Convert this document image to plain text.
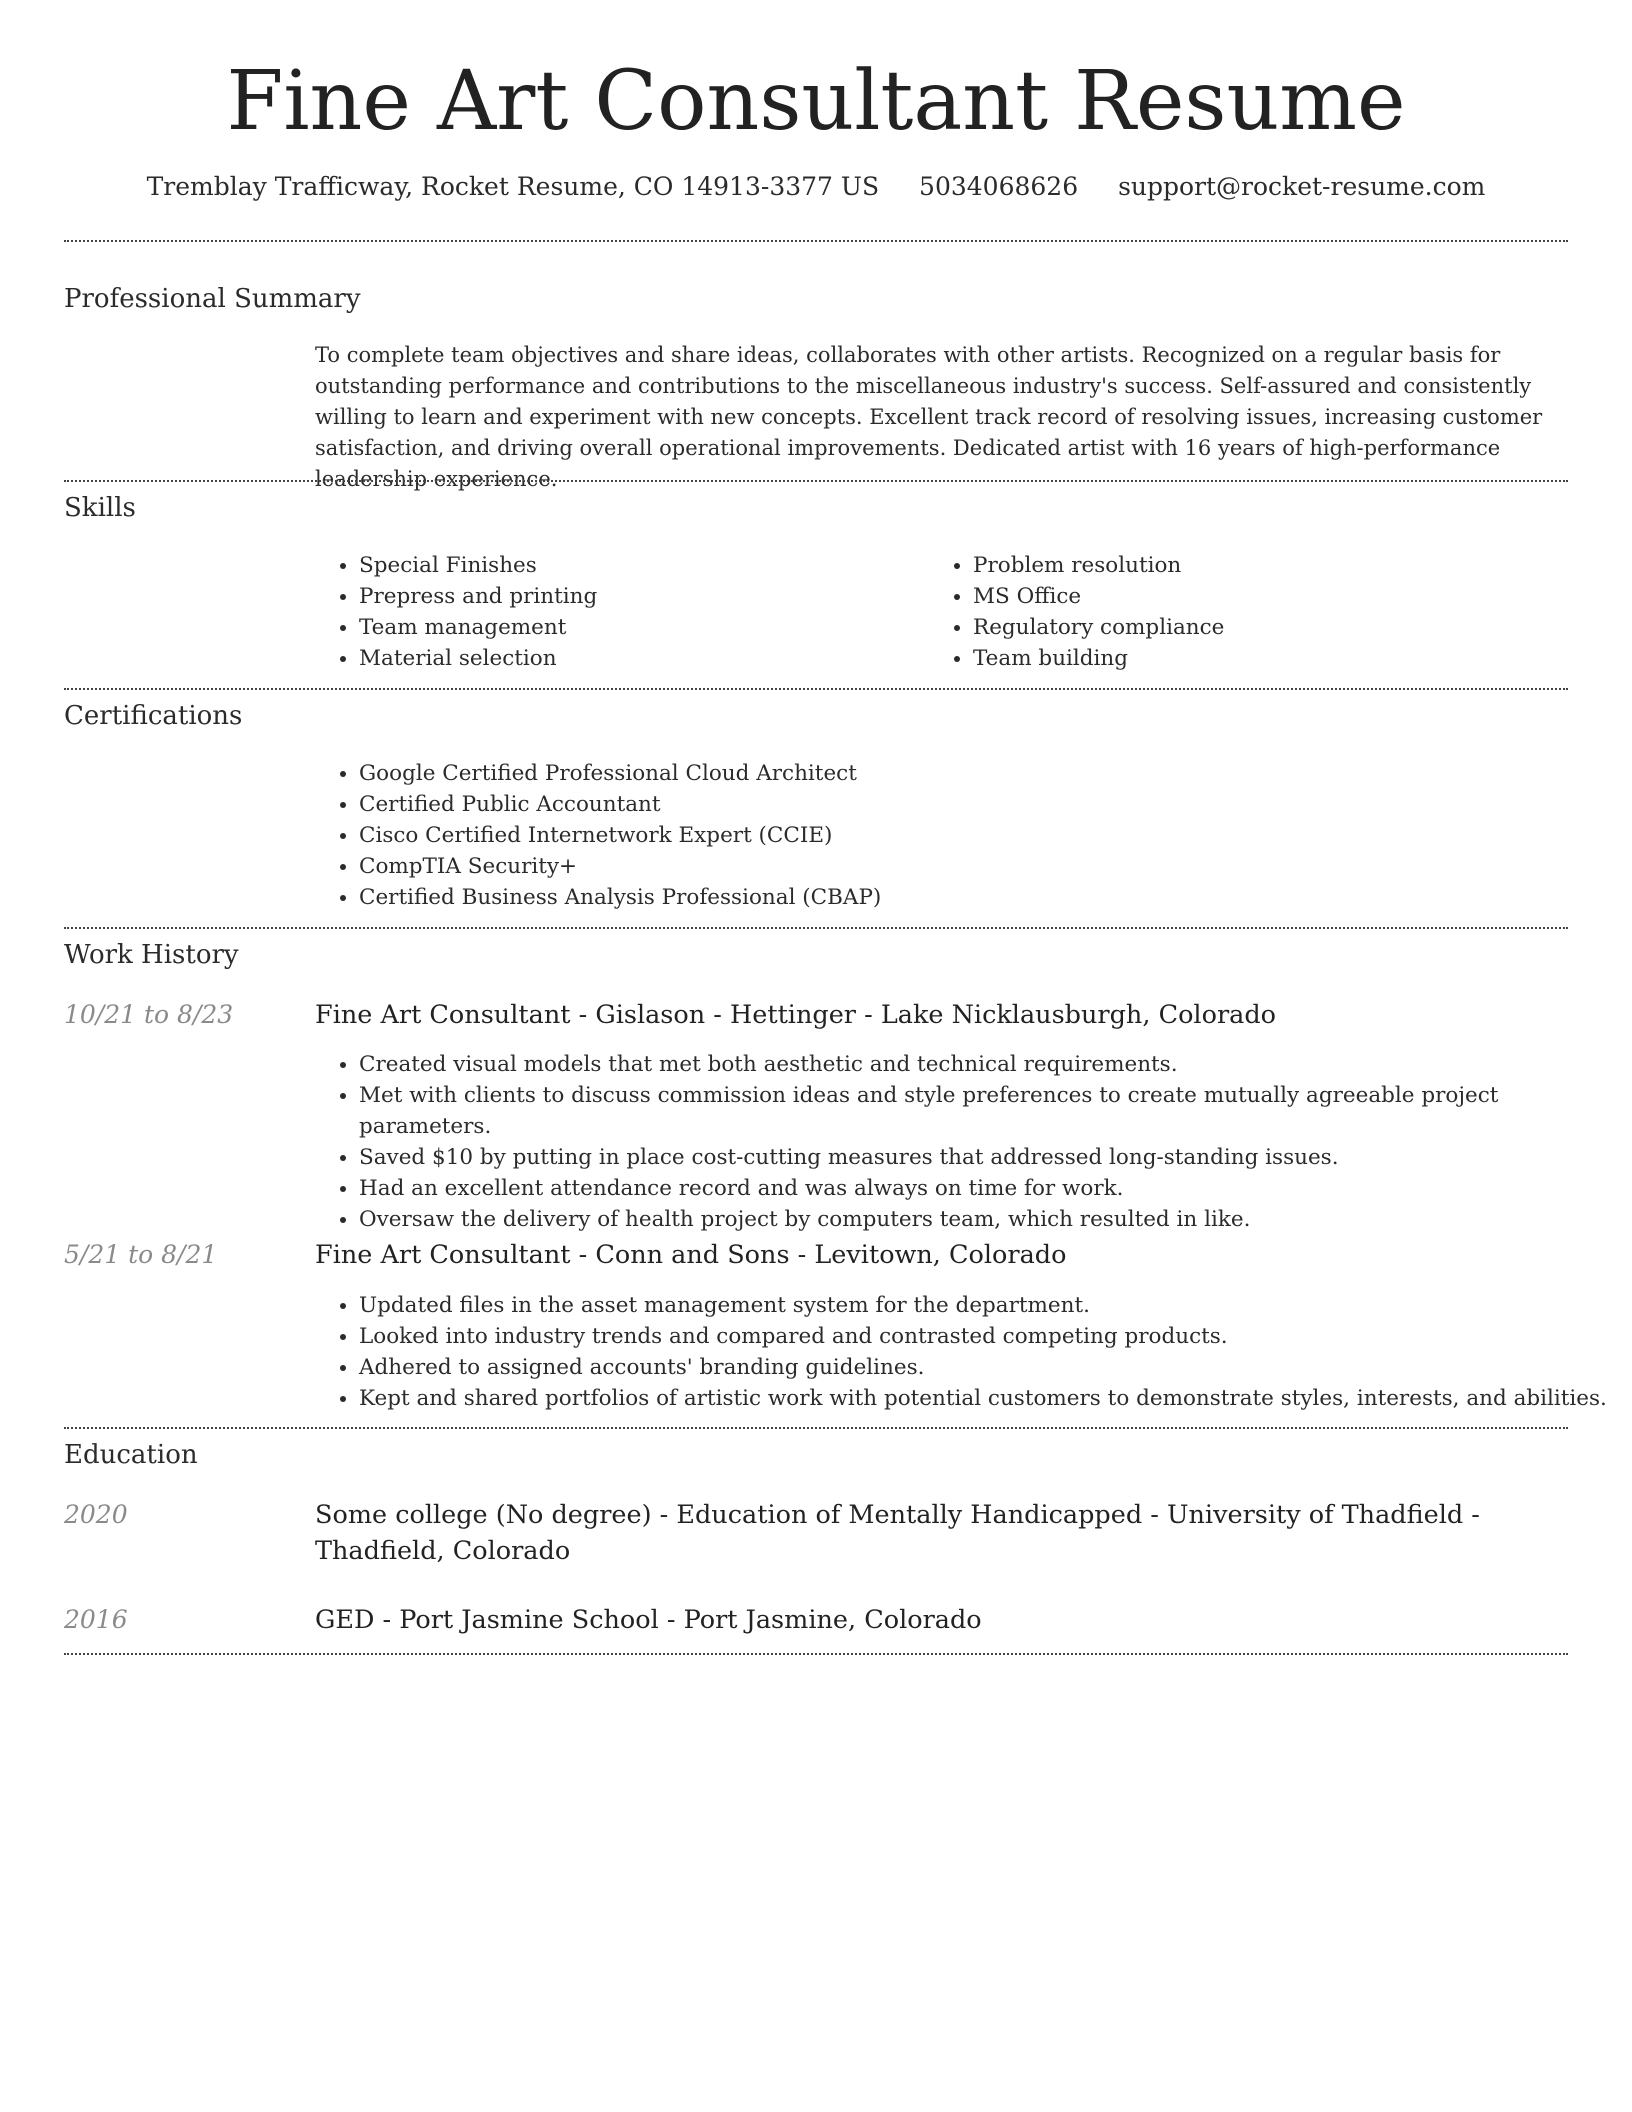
Fine Art Consultant Resume
Tremblay Trafficway, Rocket Resume, CO 14913-3377 US 5034068626 support@rocket-resume.com
Professional Summary
To complete team objectives and share ideas, collaborates with other artists. Recognized on a regular basis for outstanding performance and contributions to the miscellaneous industry's success. Self-assured and consistently willing to learn and experiment with new concepts. Excellent track record of resolving issues, increasing customer satisfaction, and driving overall operational improvements. Dedicated artist with 16 years of high-performance leadership experience.
Skills
• Special Finishes
• Prepress and printing
• Team management
• Material selection
• Problem resolution
• MS Office
• Regulatory compliance
• Team building
Certifications
• Google Certified Professional Cloud Architect
• Certified Public Accountant
• Cisco Certified Internetwork Expert (CCIE)
• CompTIA Security+
• Certified Business Analysis Professional (CBAP)
Work History
10/21 to 8/23	Fine Art Consultant - Gislason - Hettinger - Lake Nicklausburgh, Colorado
• Created visual models that met both aesthetic and technical requirements.
• Met with clients to discuss commission ideas and style preferences to create mutually agreeable project parameters.
• Saved $10 by putting in place cost-cutting measures that addressed long-standing issues.
• Had an excellent attendance record and was always on time for work.
• Oversaw the delivery of health project by computers team, which resulted in like.
5/21 to 8/21	Fine Art Consultant - Conn and Sons - Levitown, Colorado
• Updated files in the asset management system for the department.
• Looked into industry trends and compared and contrasted competing products.
• Adhered to assigned accounts' branding guidelines.
• Kept and shared portfolios of artistic work with potential customers to demonstrate styles, interests, and abilities.
Education
2020	Some college (No degree) - Education of Mentally Handicapped - University of Thadfield - Thadfield, Colorado
2016	GED - Port Jasmine School - Port Jasmine, Colorado
